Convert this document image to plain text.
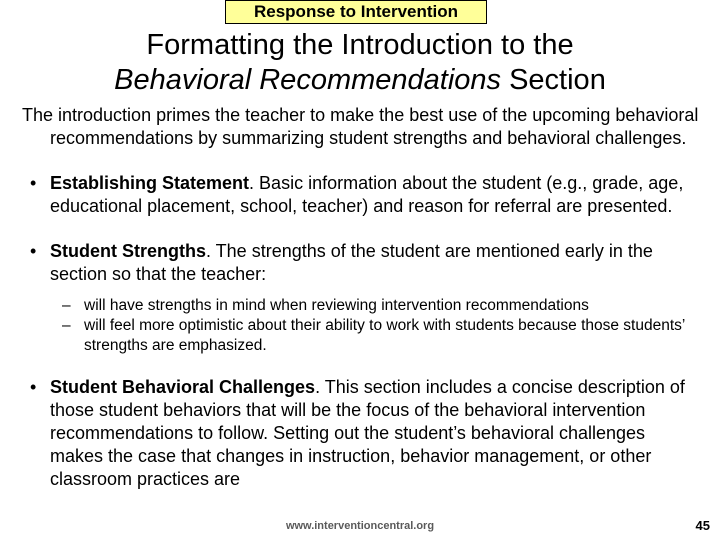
Response to Intervention
Formatting the Introduction to the
Behavioral Recommendations Section

The introduction primes the teacher to make the best use of the upcoming behavioral recommendations by summarizing student strengths and behavioral challenges.

• Establishing Statement. Basic information about the student (e.g., grade, age, educational placement, school, teacher) and reason for referral are presented.

• Student Strengths. The strengths of the student are mentioned early in the section so that the teacher:

– will have strengths in mind when reviewing intervention recommendations

– will feel more optimistic about their ability to work with students because those students’ strengths are emphasized.

• Student Behavioral Challenges. This section includes a concise description of those student behaviors that will be the focus of the behavioral intervention recommendations to follow. Setting out the student’s behavioral challenges makes the case that changes in instruction, behavior management, or other classroom practices are

www.interventioncentral.org	45
